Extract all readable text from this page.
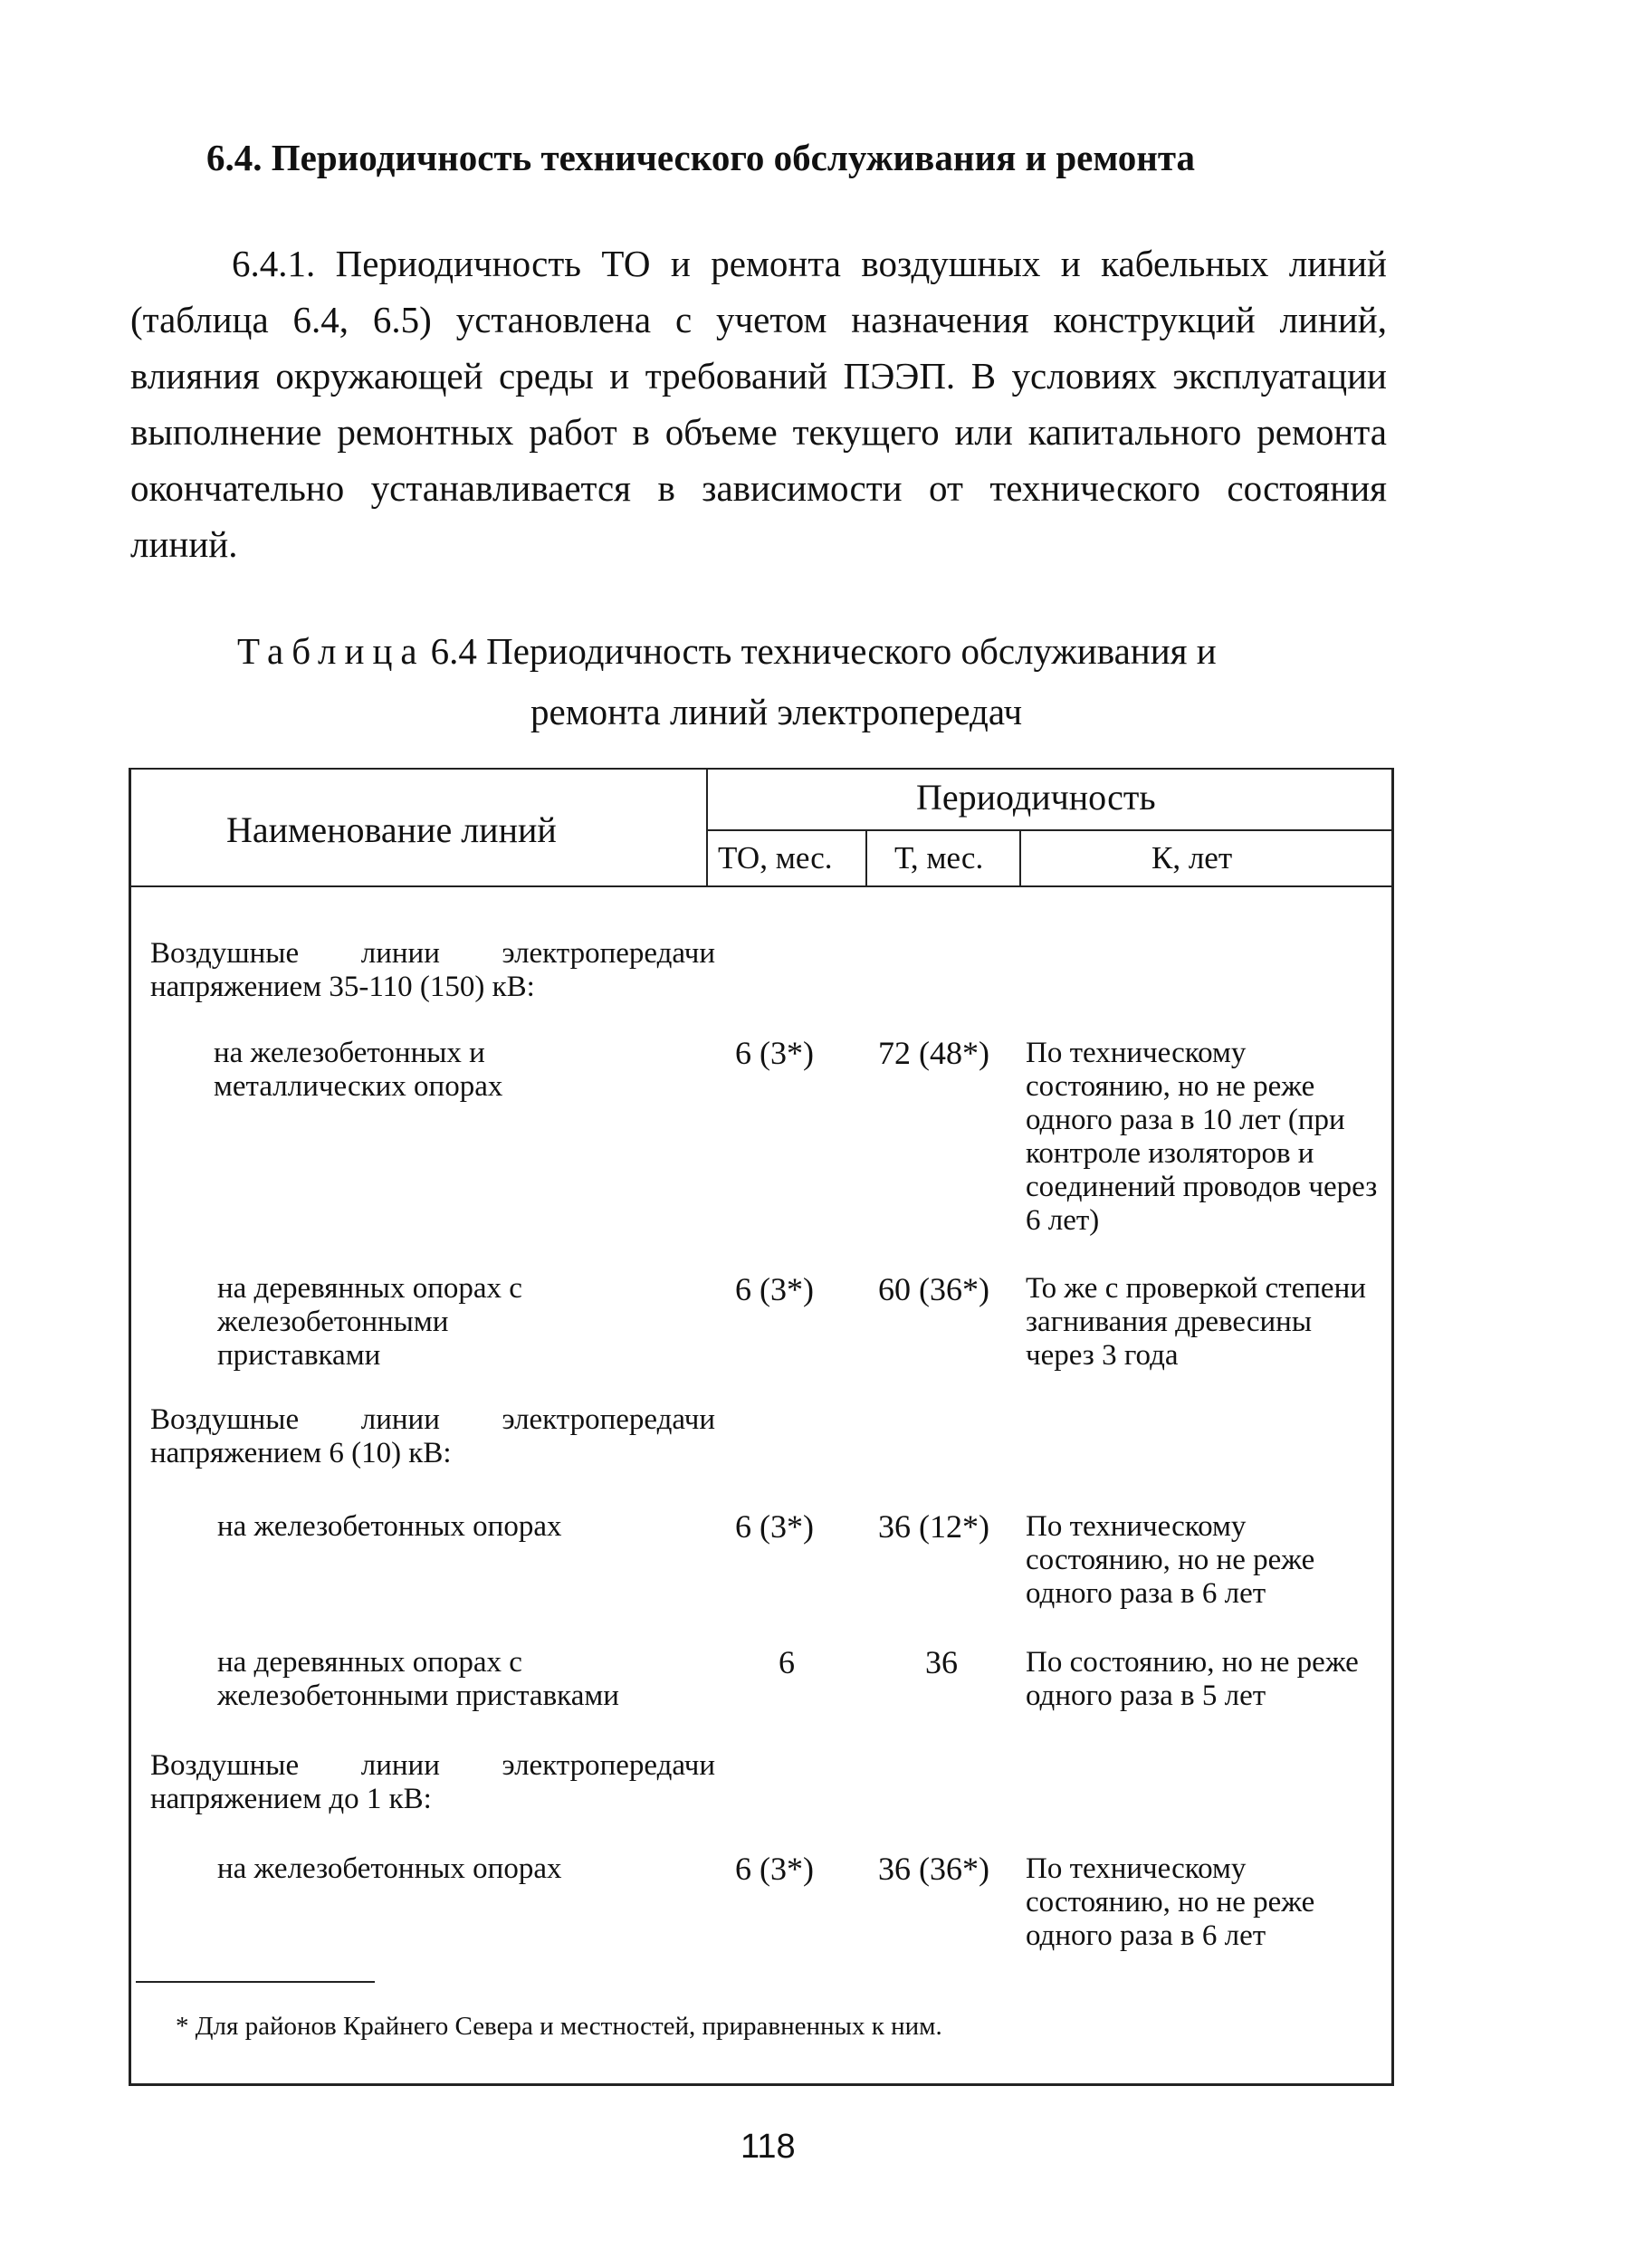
6.4. Периодичность технического обслуживания и ремонта

6.4.1. Периодичность ТО и ремонта воздушных и кабельных линий (таблица 6.4, 6.5) установлена с учетом назначения конструкций линий, влияния окружающей среды и требований ПЭЭП. В условиях эксплуатации выполнение ремонтных работ в объеме текущего или капитального ремонта окончательно устанавливается в зависимости от технического состояния линий.

Таблица 6.4 Периодичность технического обслуживания и
ремонта линий электропередач
Наименование линий
Периодичность
ТО, мес. Т, мес.	К, лет
Воздушные линии электропередачи напряжением 35-110 (150) кВ:
на железобетонных и металлических опорах
6 (3*) 72 (48*) По техническому состоянию, но не реже одного раза в 10 лет (при контроле изоляторов и соединений проводов через 6 лет)
на деревянных опорах с железобетонными приставками
6 (3*) 60 (36*) То же с проверкой степени загнивания древесины через 3 года
Воздушные линии электропередачи напряжением 6 (10) кВ:
на железобетонных опорах	6 (3*) 36 (12*) По техническому состоянию, но не реже одного раза в 6 лет
на деревянных опорах с железобетонными приставками
6	36 По состоянию, но не реже одного раза в 5 лет
Воздушные линии электропередачи напряжением до 1 кВ:
на железобетонных опорах	6 (3*) 36 (36*) По техническому состоянию, но не реже одного раза в 6 лет
* Для районов Крайнего Севера и местностей, приравненных к ним.
118
